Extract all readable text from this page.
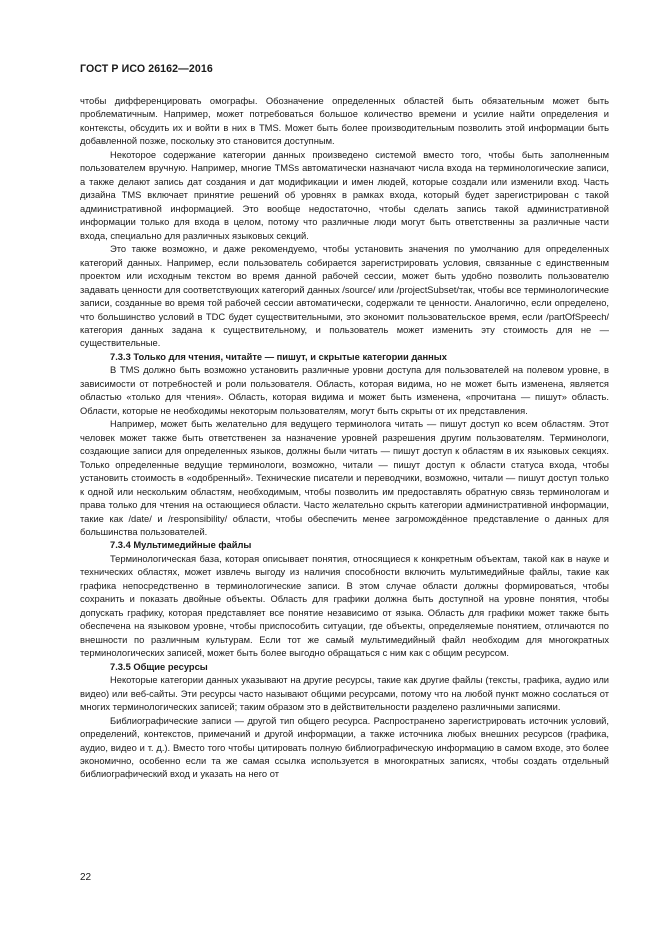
ГОСТ Р ИСО 26162—2016

чтобы дифференцировать омографы. Обозначение определенных областей быть обязательным может быть проблематичным. Например, может потребоваться большое количество времени и усилие найти определения и контексты, обсудить их и войти в них в TMS. Может быть более производительным позволить этой информации быть добавленной позже, поскольку это становится доступным.

Некоторое содержание категории данных произведено системой вместо того, чтобы быть заполненным пользователем вручную. Например, многие TMSs автоматически назначают числа входа на терминологические записи, а также делают запись дат создания и дат модификации и имен людей, которые создали или изменили вход. Часть дизайна TMS включает принятие решений об уровнях в рамках входа, который будет зарегистрирован с такой административной информацией. Это вообще недостаточно, чтобы сделать запись такой административной информации только для входа в целом, потому что различные люди могут быть ответственны за различные части входа, специально для различных языковых секций.

Это также возможно, и даже рекомендуемо, чтобы установить значения по умолчанию для определенных категорий данных. Например, если пользователь собирается зарегистрировать условия, связанные с единственным проектом или исходным текстом во время данной рабочей сессии, может быть удобно позволить пользователю задавать ценности для соответствующих категорий данных /source/ или /projectSubset/так, чтобы все терминологические записи, созданные во время той рабочей сессии автоматически, содержали те ценности. Аналогично, если определено, что большинство условий в TDC будет существительными, это экономит пользовательское время, если /partOfSpeech/ категория данных задана к существительному, и пользователь может изменить эту стоимость для не — существительные.

7.3.3 Только для чтения, читайте — пишут, и скрытые категории данных

В TMS должно быть возможно установить различные уровни доступа для пользователей на полевом уровне, в зависимости от потребностей и роли пользователя. Область, которая видима, но не может быть изменена, является областью «только для чтения». Область, которая видима и может быть изменена, «прочитана — пишут» область. Области, которые не необходимы некоторым пользователям, могут быть скрыты от их представления.

Например, может быть желательно для ведущего терминолога читать — пишут доступ ко всем областям. Этот человек может также быть ответственен за назначение уровней разрешения другим пользователям. Терминологи, создающие записи для определенных языков, должны были читать — пишут доступ к областям в их языковых секциях. Только определенные ведущие терминологи, возможно, читали — пишут доступ к области статуса входа, чтобы установить стоимость в «одобренный». Технические писатели и переводчики, возможно, читали — пишут доступ только к одной или нескольким областям, необходимым, чтобы позволить им предоставлять обратную связь терминологам и права только для чтения на остающиеся области. Часто желательно скрыть категории административной информации, такие как /date/ и /responsibility/ области, чтобы обеспечить менее загромождённое представление о данных для большинства пользователей.

7.3.4 Мультимедийные файлы

Терминологическая база, которая описывает понятия, относящиеся к конкретным объектам, такой как в науке и технических областях, может извлечь выгоду из наличия способности включить мультимедийные файлы, такие как графика непосредственно в терминологические записи. В этом случае области должны формироваться, чтобы сохранить и показать двойные объекты. Область для графики должна быть доступной на уровне понятия, чтобы допускать графику, которая представляет все понятие независимо от языка. Область для графики может также быть обеспечена на языковом уровне, чтобы приспособить ситуации, где объекты, определяемые понятием, отличаются по внешности по различным культурам. Если тот же самый мультимедийный файл необходим для многократных терминологических записей, может быть более выгодно обращаться с ним как с общим ресурсом.

7.3.5 Общие ресурсы

Некоторые категории данных указывают на другие ресурсы, такие как другие файлы (тексты, графика, аудио или видео) или веб-сайты. Эти ресурсы часто называют общими ресурсами, потому что на любой пункт можно сослаться от многих терминологических записей; таким образом это в действительности разделено различными записями.

Библиографические записи — другой тип общего ресурса. Распространено зарегистрировать источник условий, определений, контекстов, примечаний и другой информации, а также источника любых внешних ресурсов (графика, аудио, видео и т. д.). Вместо того чтобы цитировать полную библиографическую информацию в самом входе, это более экономично, особенно если та же самая ссылка используется в многократных записях, чтобы создать отдельный библиографический вход и указать на него от

22
